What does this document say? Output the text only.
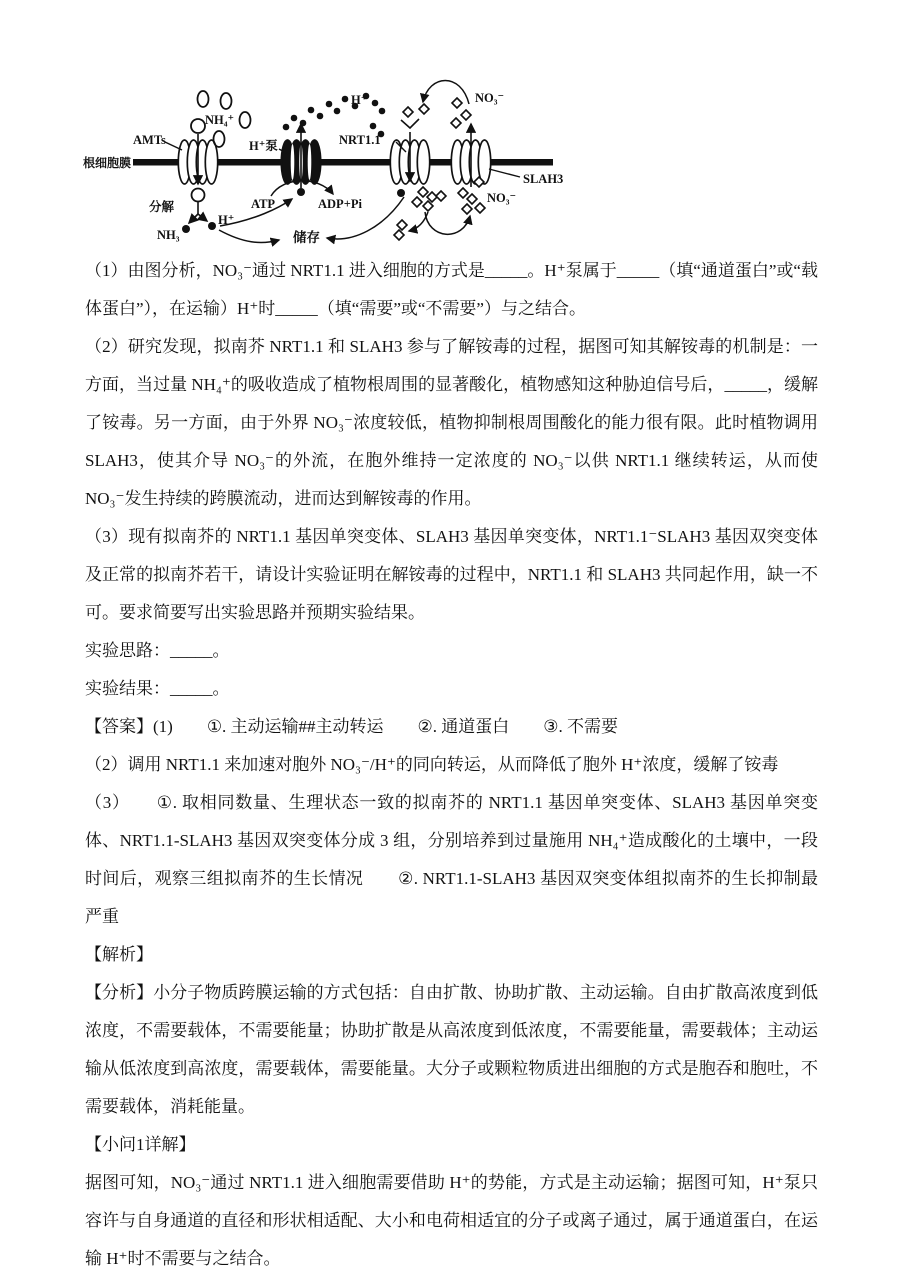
根细胞膜
AMTs
NH₄⁺
分解
NH₃
H⁺
H⁺泵
H⁺
ATP	ADP+Pi
储存
NRT1.1
NO₃⁻
SLAH3
NO₃⁻

（1）由图分析，NO₃⁻通过 NRT1.1 进入细胞的方式是_____。H⁺泵属于_____（填“通道蛋白”或“载体蛋白”），在运输）H⁺时_____（填“需要”或“不需要”）与之结合。

（2）研究发现，拟南芥 NRT1.1 和 SLAH3 参与了解铵毒的过程，据图可知其解铵毒的机制是：一方面，当过量 NH₄⁺的吸收造成了植物根周围的显著酸化，植物感知这种胁迫信号后，_____，缓解了铵毒。另一方面，由于外界 NO₃⁻浓度较低，植物抑制根周围酸化的能力很有限。此时植物调用 SLAH3，使其介导 NO₃⁻的外流，在胞外维持一定浓度的 NO₃⁻以供 NRT1.1 继续转运，从而使 NO₃⁻发生持续的跨膜流动，进而达到解铵毒的作用。

（3）现有拟南芥的 NRT1.1 基因单突变体、SLAH3 基因单突变体，NRT1.1⁻SLAH3 基因双突变体及正常的拟南芥若干，请设计实验证明在解铵毒的过程中，NRT1.1 和 SLAH3 共同起作用，缺一不可。要求简要写出实验思路并预期实验结果。

实验思路：_____。

实验结果：_____。

【答案】(1)　　①. 主动运输##主动转运　　②. 通道蛋白　　③. 不需要

（2）调用 NRT1.1 来加速对胞外 NO₃⁻/H⁺的同向转运，从而降低了胞外 H⁺浓度，缓解了铵毒

（3）　　①. 取相同数量、生理状态一致的拟南芥的 NRT1.1 基因单突变体、SLAH3 基因单突变体、NRT1.1-SLAH3 基因双突变体分成 3 组，分别培养到过量施用 NH₄⁺造成酸化的土壤中，一段时间后，观察三组拟南芥的生长情况　　②. NRT1.1-SLAH3 基因双突变体组拟南芥的生长抑制最严重

【解析】

【分析】小分子物质跨膜运输的方式包括：自由扩散、协助扩散、主动运输。自由扩散高浓度到低浓度，不需要载体，不需要能量；协助扩散是从高浓度到低浓度，不需要能量，需要载体；主动运输从低浓度到高浓度，需要载体，需要能量。大分子或颗粒物质进出细胞的方式是胞吞和胞吐，不需要载体，消耗能量。

【小问1详解】

据图可知，NO₃⁻通过 NRT1.1 进入细胞需要借助 H⁺的势能，方式是主动运输；据图可知，H⁺泵只容许与自身通道的直径和形状相适配、大小和电荷相适宜的分子或离子通过，属于通道蛋白，在运输 H⁺时不需要与之结合。
